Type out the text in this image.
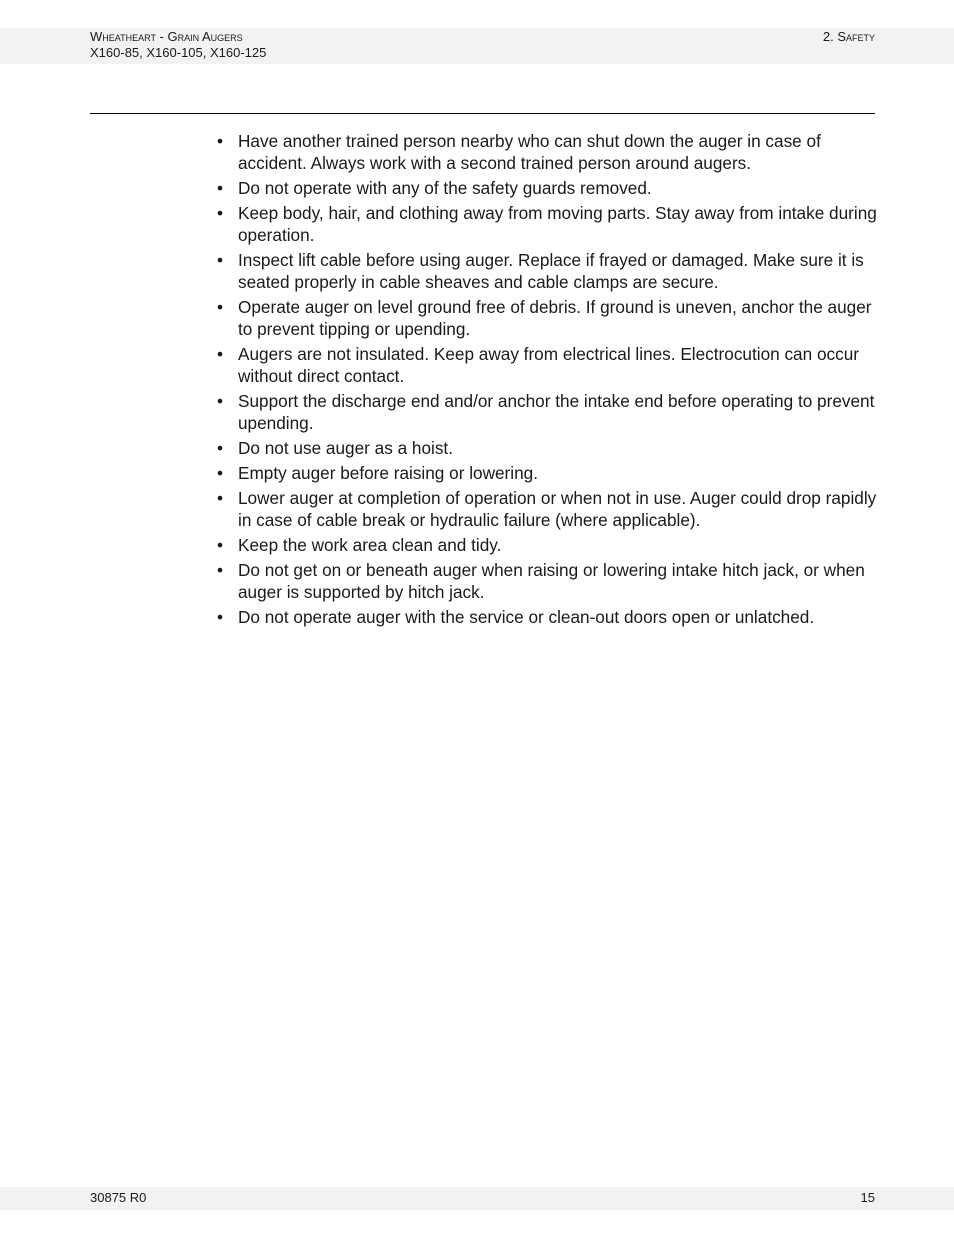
Wheatheart - Grain Augers
X160-85, X160-105, X160-125
2. Safety
• Have another trained person nearby who can shut down the auger in case of accident. Always work with a second trained person around augers.
• Do not operate with any of the safety guards removed.
• Keep body, hair, and clothing away from moving parts. Stay away from intake during operation.
• Inspect lift cable before using auger. Replace if frayed or damaged. Make sure it is seated properly in cable sheaves and cable clamps are secure.
• Operate auger on level ground free of debris. If ground is uneven, anchor the auger to prevent tipping or upending.
• Augers are not insulated. Keep away from electrical lines. Electrocution can occur without direct contact.
• Support the discharge end and/or anchor the intake end before operating to prevent upending.
• Do not use auger as a hoist.
• Empty auger before raising or lowering.
• Lower auger at completion of operation or when not in use. Auger could drop rapidly in case of cable break or hydraulic failure (where applicable).
• Keep the work area clean and tidy.
• Do not get on or beneath auger when raising or lowering intake hitch jack, or when auger is supported by hitch jack.
• Do not operate auger with the service or clean-out doors open or unlatched.
30875 R0	15
